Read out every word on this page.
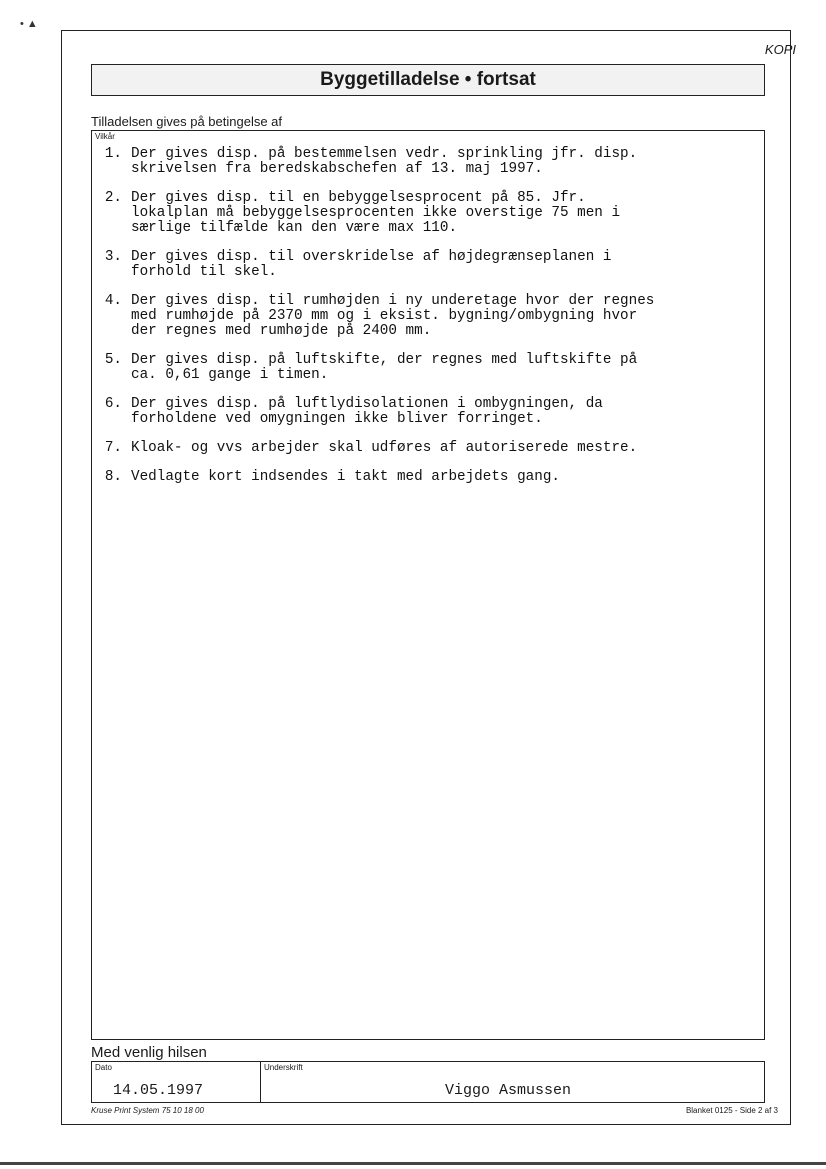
• ▲
KOPI
Byggetilladelse • fortsat
Tilladelsen gives på betingelse af
Vilkår
1. Der gives disp. på bestemmelsen vedr. sprinkling jfr. disp.
skrivelsen fra beredskabschefen af 13. maj 1997.
2. Der gives disp. til en bebyggelsesprocent på 85. Jfr.
lokalplan må bebyggelsesprocenten ikke overstige 75 men i
særlige tilfælde kan den være max 110.
3. Der gives disp. til overskridelse af højdegrænseplanen i
forhold til skel.
4. Der gives disp. til rumhøjden i ny underetage hvor der regnes
med rumhøjde på 2370 mm og i eksist. bygning/ombygning hvor
der regnes med rumhøjde på 2400 mm.
5. Der gives disp. på luftskifte, der regnes med luftskifte på
ca. 0,61 gange i timen.
6. Der gives disp. på luftlydisolationen i ombygningen, da
forholdene ved omygningen ikke bliver forringet.
7. Kloak- og vvs arbejder skal udføres af autoriserede mestre.
8. Vedlagte kort indsendes i takt med arbejdets gang.
Med venlig hilsen
Dato	Underskrift
14.05.1997	Viggo Asmussen
Kruse Print System 75 10 18 00	Blanket 0125 - Side 2 af 3
